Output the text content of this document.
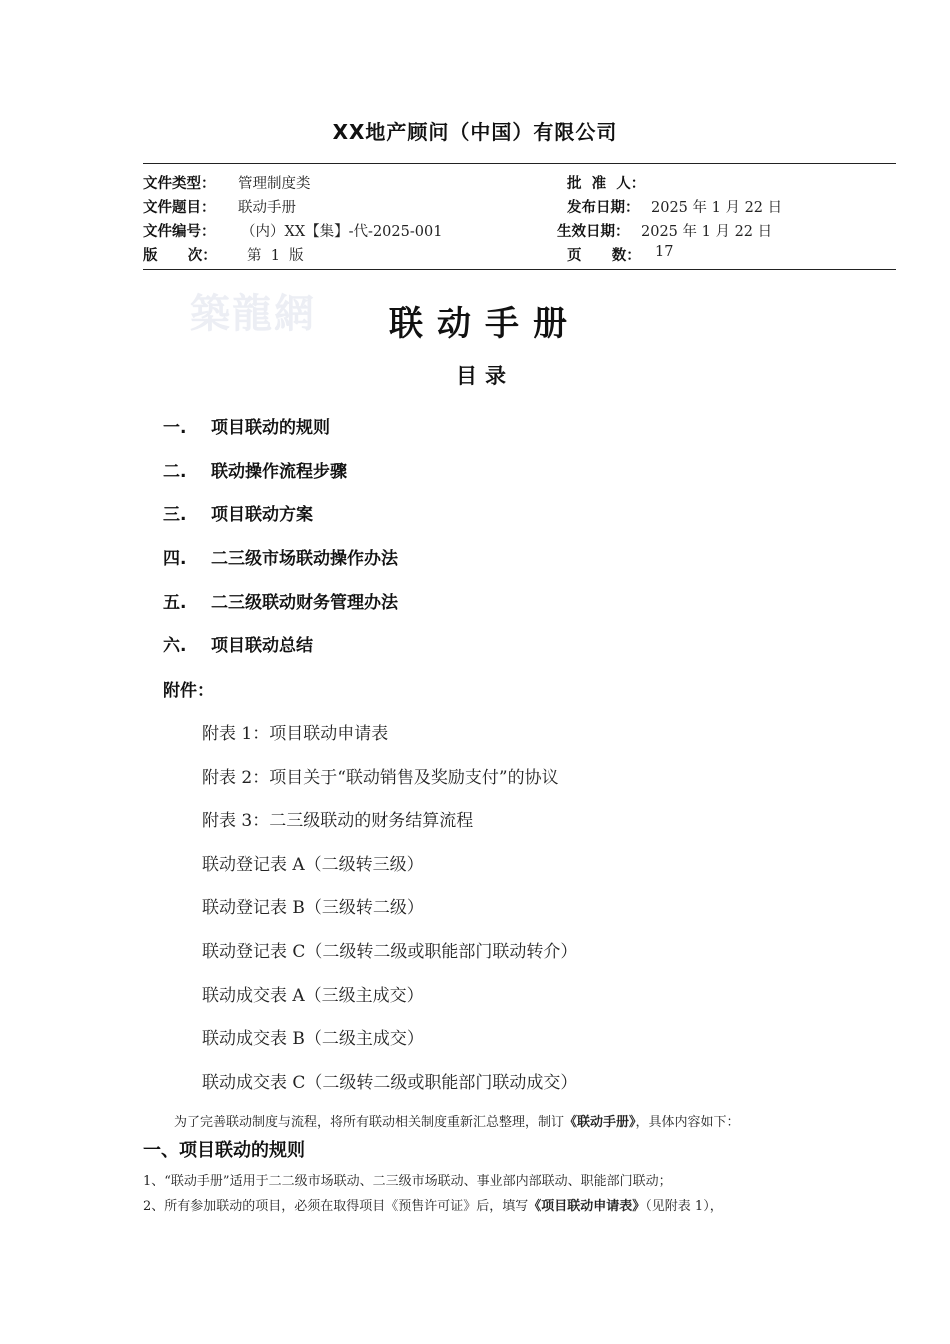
XX地产顾问（中国）有限公司
文件类型： 管理制度类	批  准  人：
文件题目： 联动手册	发布日期： 2025 年 1 月 22 日
文件编号： （内）XX【集】-代-2025-001	生效日期： 2025 年 1 月 22 日
版      次： 第  1  版	页      数： 17
築龍網	联动手册
目录
一. 项目联动的规则
二. 联动操作流程步骤
三. 项目联动方案
四. 二三级市场联动操作办法
五. 二三级联动财务管理办法
六. 项目联动总结
附件：
附表 1：项目联动申请表
附表 2：项目关于“联动销售及奖励支付”的协议
附表 3：二三级联动的财务结算流程
联动登记表 A（二级转三级）
联动登记表 B（三级转二级）
联动登记表 C（二级转二级或职能部门联动转介）
联动成交表 A（三级主成交）
联动成交表 B（二级主成交）
联动成交表 C（二级转二级或职能部门联动成交）
为了完善联动制度与流程，将所有联动相关制度重新汇总整理，制订《联动手册》，具体内容如下：
一、项目联动的规则
1、“联动手册”适用于二二级市场联动、二三级市场联动、事业部内部联动、职能部门联动；
2、所有参加联动的项目，必须在取得项目《预售许可证》后，填写《项目联动申请表》（见附表 1），
